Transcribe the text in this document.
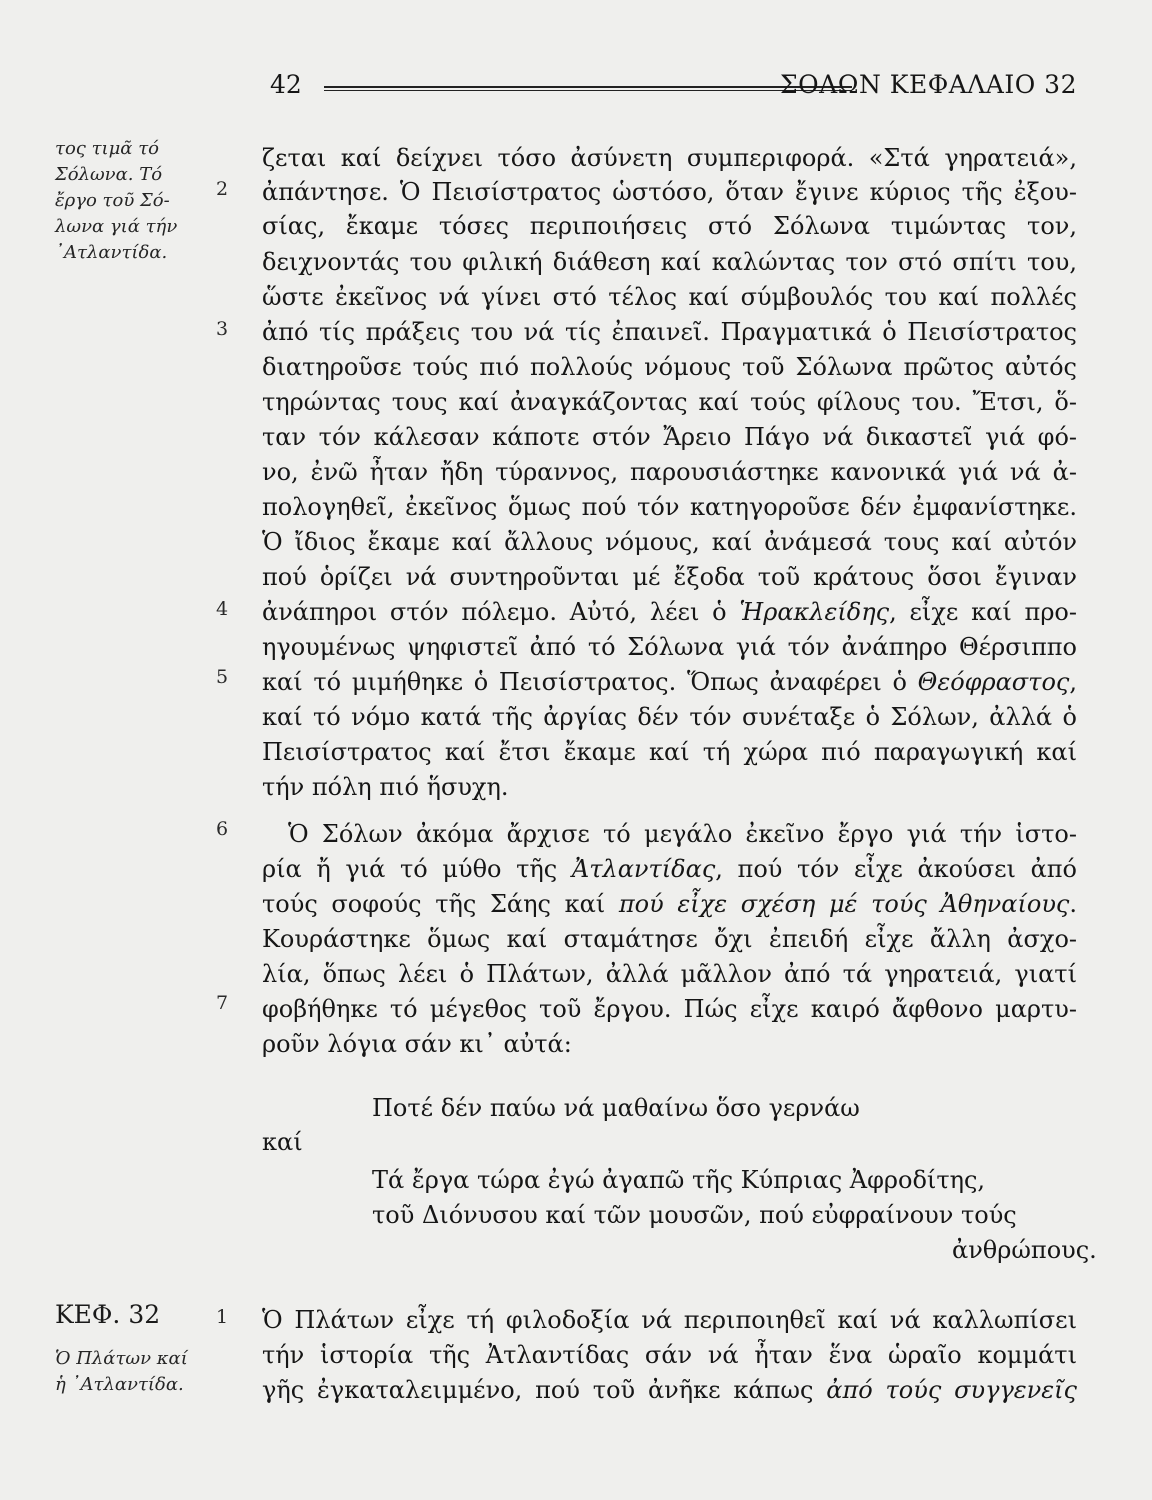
42	ΣΟΛΩΝ ΚΕΦΑΛΑΙΟ 32
τος τιμᾶ τό
Σόλωνα. Τό
ἔργο τοῦ Σό-
λωνα γιά τήν
᾿Ατλαντίδα.
2
3
4
5
6
7
1
ζεται καί δείχνει τόσο ἀσύνετη συμπεριφορά. «Στά γηρατειά»,
ἀπάντησε. Ὁ Πεισίστρατος ὡστόσο, ὅταν ἔγινε κύριος τῆς ἐξου-
σίας, ἔκαμε τόσες περιποιήσεις στό Σόλωνα τιμώντας τον,
δειχνοντάς του φιλική διάθεση καί καλώντας τον στό σπίτι του,
ὥστε ἐκεῖνος νά γίνει στό τέλος καί σύμβουλός του καί πολλές
ἀπό τίς πράξεις του νά τίς ἐπαινεῖ. Πραγματικά ὁ Πεισίστρατος
διατηροῦσε τούς πιό πολλούς νόμους τοῦ Σόλωνα πρῶτος αὐτός
τηρώντας τους καί ἀναγκάζοντας καί τούς φίλους του. Ἔτσι, ὅ-
ταν τόν κάλεσαν κάποτε στόν Ἄρειο Πάγο νά δικαστεῖ γιά φό-
νο, ἐνῶ ἦταν ἤδη τύραννος, παρουσιάστηκε κανονικά γιά νά ἀ-
πολογηθεῖ, ἐκεῖνος ὅμως πού τόν κατηγοροῦσε δέν ἐμφανίστηκε.
Ὁ ἴδιος ἔκαμε καί ἄλλους νόμους, καί ἀνάμεσά τους καί αὐτόν
πού ὁρίζει νά συντηροῦνται μέ ἔξοδα τοῦ κράτους ὅσοι ἔγιναν
ἀνάπηροι στόν πόλεμο. Αὐτό, λέει ὁ Ἡρακλείδης, εἶχε καί προ-
ηγουμένως ψηφιστεῖ ἀπό τό Σόλωνα γιά τόν ἀνάπηρο Θέρσιππο
καί τό μιμήθηκε ὁ Πεισίστρατος. Ὅπως ἀναφέρει ὁ Θεόφραστος,
καί τό νόμο κατά τῆς ἀργίας δέν τόν συνέταξε ὁ Σόλων, ἀλλά ὁ
Πεισίστρατος καί ἔτσι ἔκαμε καί τή χώρα πιό παραγωγική καί
τήν πόλη πιό ἥσυχη.
Ὁ Σόλων ἀκόμα ἄρχισε τό μεγάλο ἐκεῖνο ἔργο γιά τήν ἱστο-
ρία ἤ γιά τό μύθο τῆς Ἀτλαντίδας, πού τόν εἶχε ἀκούσει ἀπό
τούς σοφούς τῆς Σάης καί πού εἶχε σχέση μέ τούς Ἀθηναίους.
Κουράστηκε ὅμως καί σταμάτησε ὄχι ἐπειδή εἶχε ἄλλη ἀσχο-
λία, ὅπως λέει ὁ Πλάτων, ἀλλά μᾶλλον ἀπό τά γηρατειά, γιατί
φοβήθηκε τό μέγεθος τοῦ ἔργου. Πώς εἶχε καιρό ἄφθονο μαρτυ-
ροῦν λόγια σάν κι᾿ αὐτά:
Ποτέ δέν παύω νά μαθαίνω ὅσο γερνάω
καί
Τά ἔργα τώρα ἐγώ ἀγαπῶ τῆς Κύπριας Ἀφροδίτης,
τοῦ Διόνυσου καί τῶν μουσῶν, πού εὐφραίνουν τούς
ἀνθρώπους.
ΚΕΦ. 32
Ὁ Πλάτων καί
ἡ ᾿Ατλαντίδα.
Ὁ Πλάτων εἶχε τή φιλοδοξία νά περιποιηθεῖ καί νά καλλωπίσει
τήν ἱστορία τῆς Ἀτλαντίδας σάν νά ἦταν ἕνα ὡραῖο κομμάτι
γῆς ἐγκαταλειμμένο, πού τοῦ ἀνῆκε κάπως ἀπό τούς συγγενεῖς
